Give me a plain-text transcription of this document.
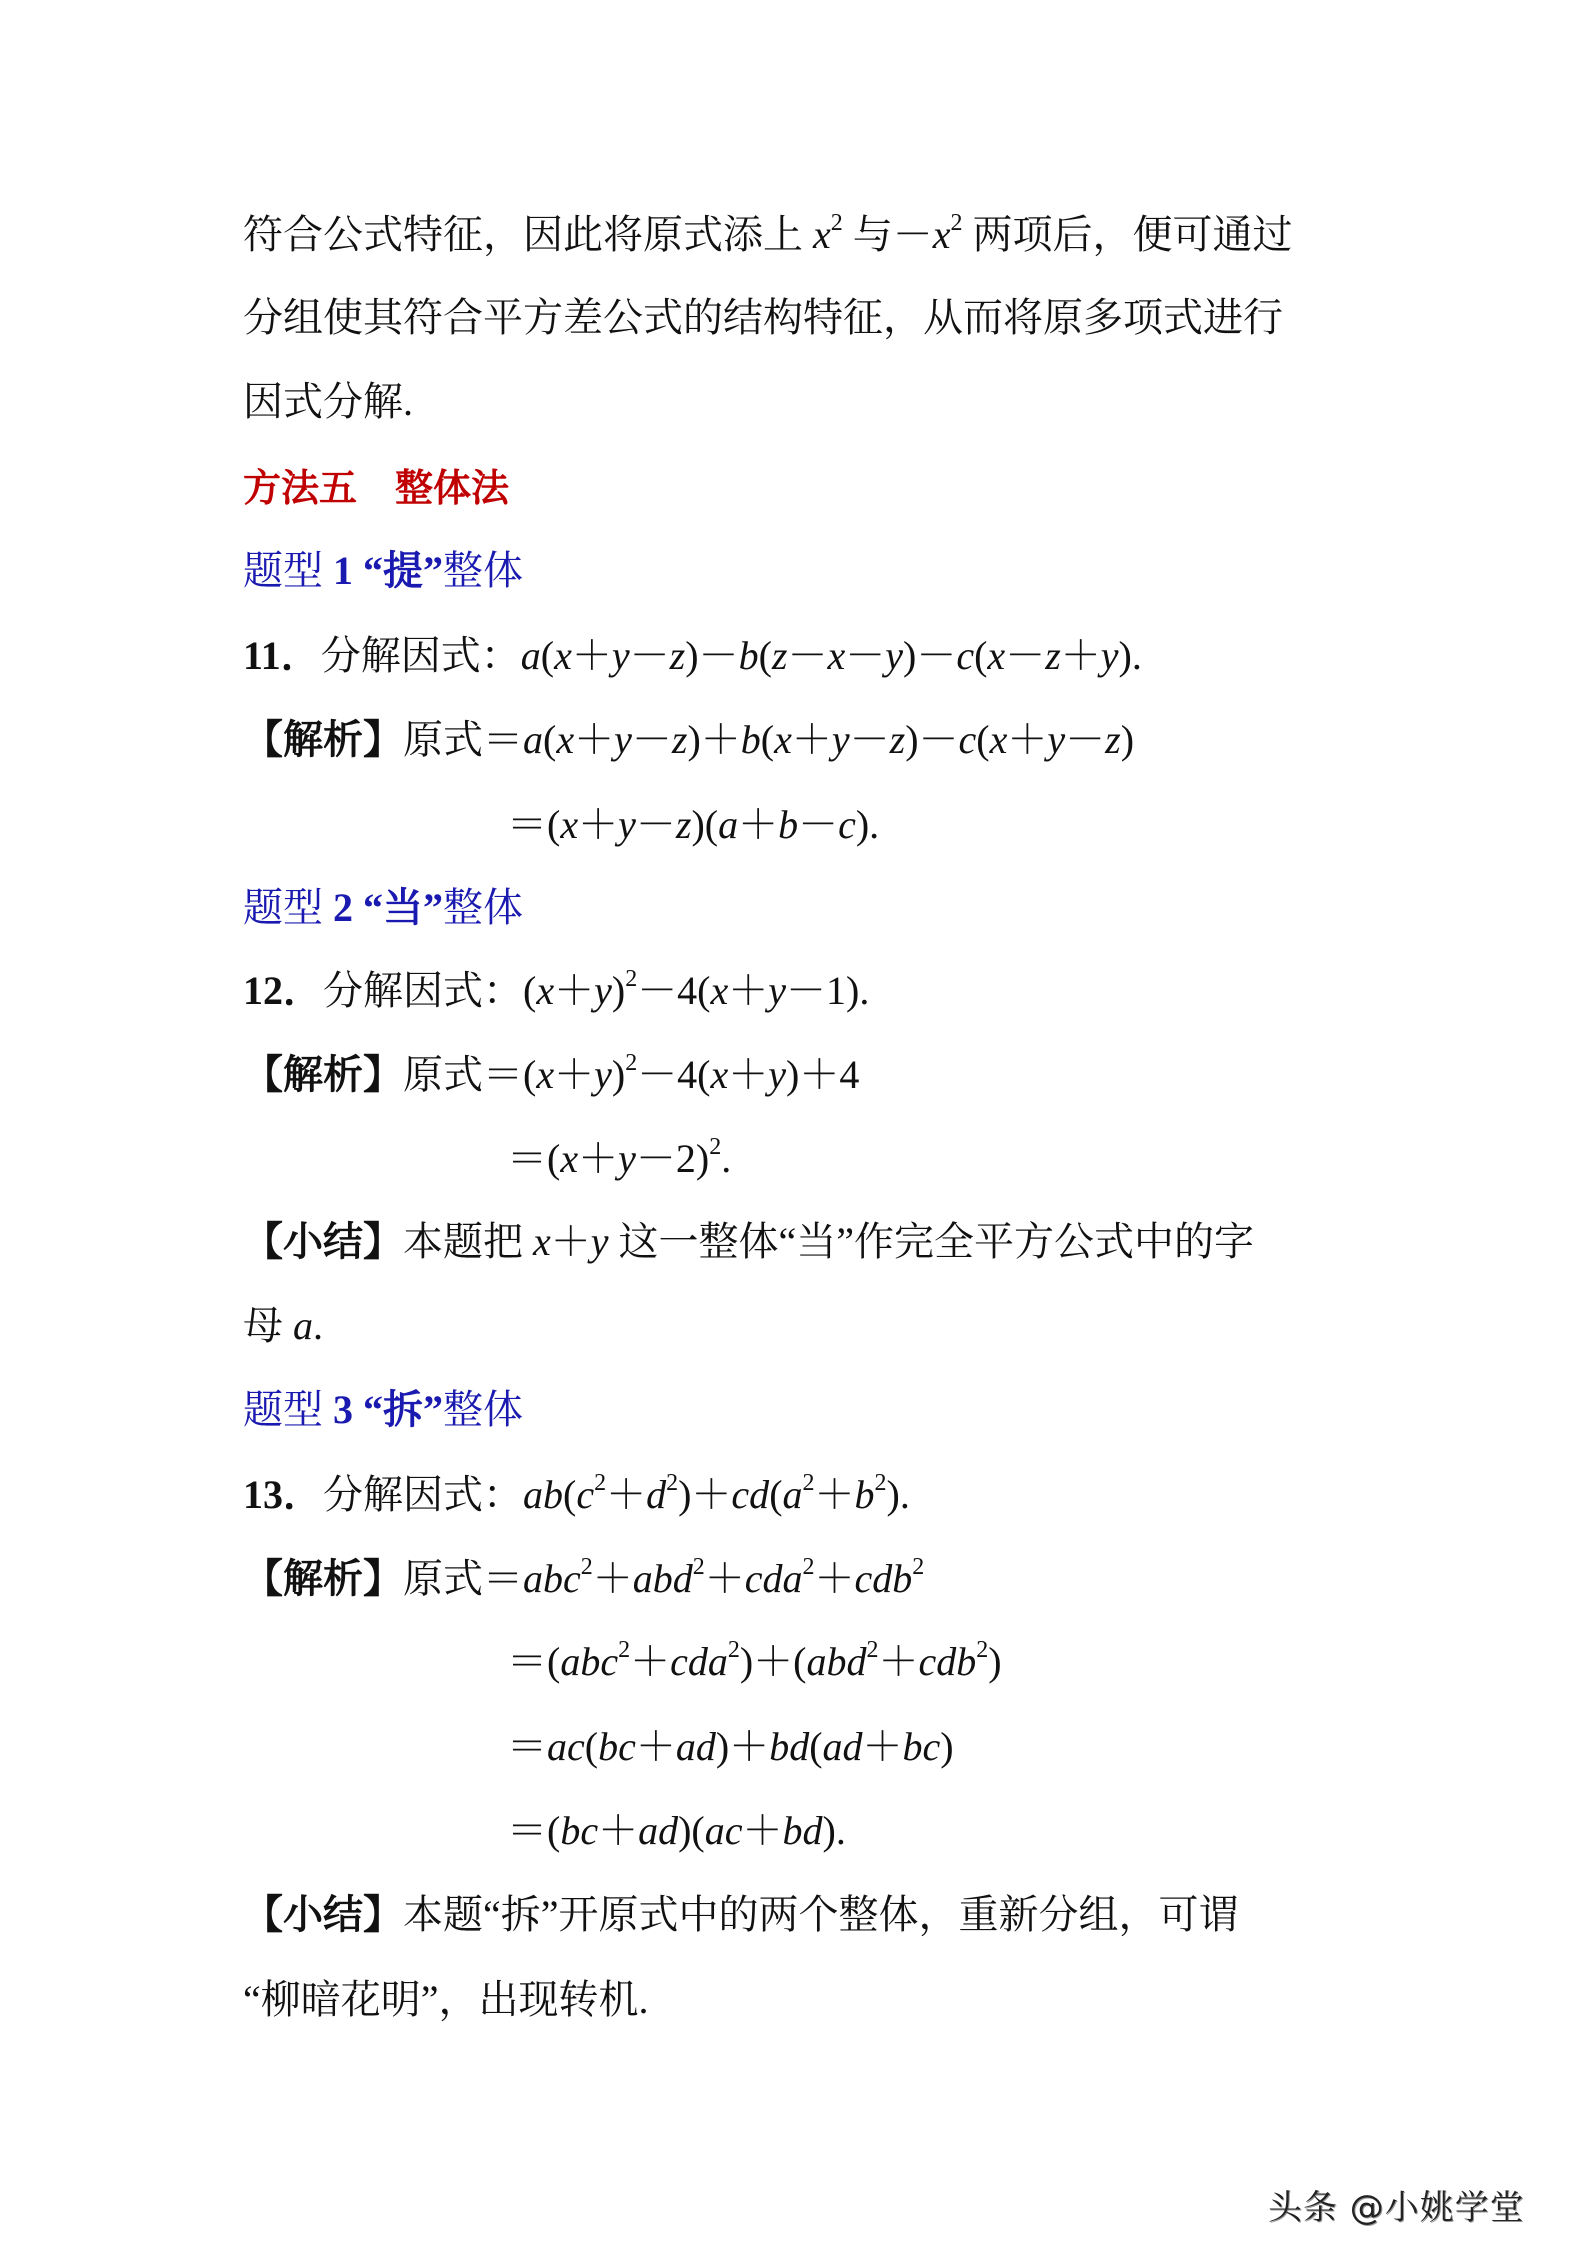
符合公式特征，因此将原式添上 $x^2$ 与$-x^2$ 两项后，便可通过
分组使其符合平方差公式的结构特征，从而将原多项式进行
因式分解.
方法五　整体法
题型 1 “提”整体
11．分解因式：a(x＋y－z)－b(z－x－y)－c(x－z＋y).
【解析】原式＝a(x＋y－z)＋b(x＋y－z)－c(x＋y－z)
＝(x＋y－z)(a＋b－c).
题型 2 “当”整体
12．分解因式：$(x+y)^2-4(x+y-1)$.
【解析】原式$=(x+y)^2-4(x+y)+4$
$=(x+y-2)^2$.
【小结】本题把 x＋y 这一整体“当”作完全平方公式中的字
母 a.
题型 3 “拆”整体
13．分解因式：$ab(c^2+d^2)+cd(a^2+b^2)$.
【解析】原式＝abc$^2$＋abd$^2$＋cda$^2$＋cdb$^2$
＝(abc$^2$＋cda$^2$)＋(abd$^2$＋cdb$^2$)
＝ac(bc＋ad)＋bd(ad＋bc)
＝(bc＋ad)(ac＋bd).
【小结】本题“拆”开原式中的两个整体，重新分组，可谓
“柳暗花明”，出现转机.
头条 @小姚学堂
